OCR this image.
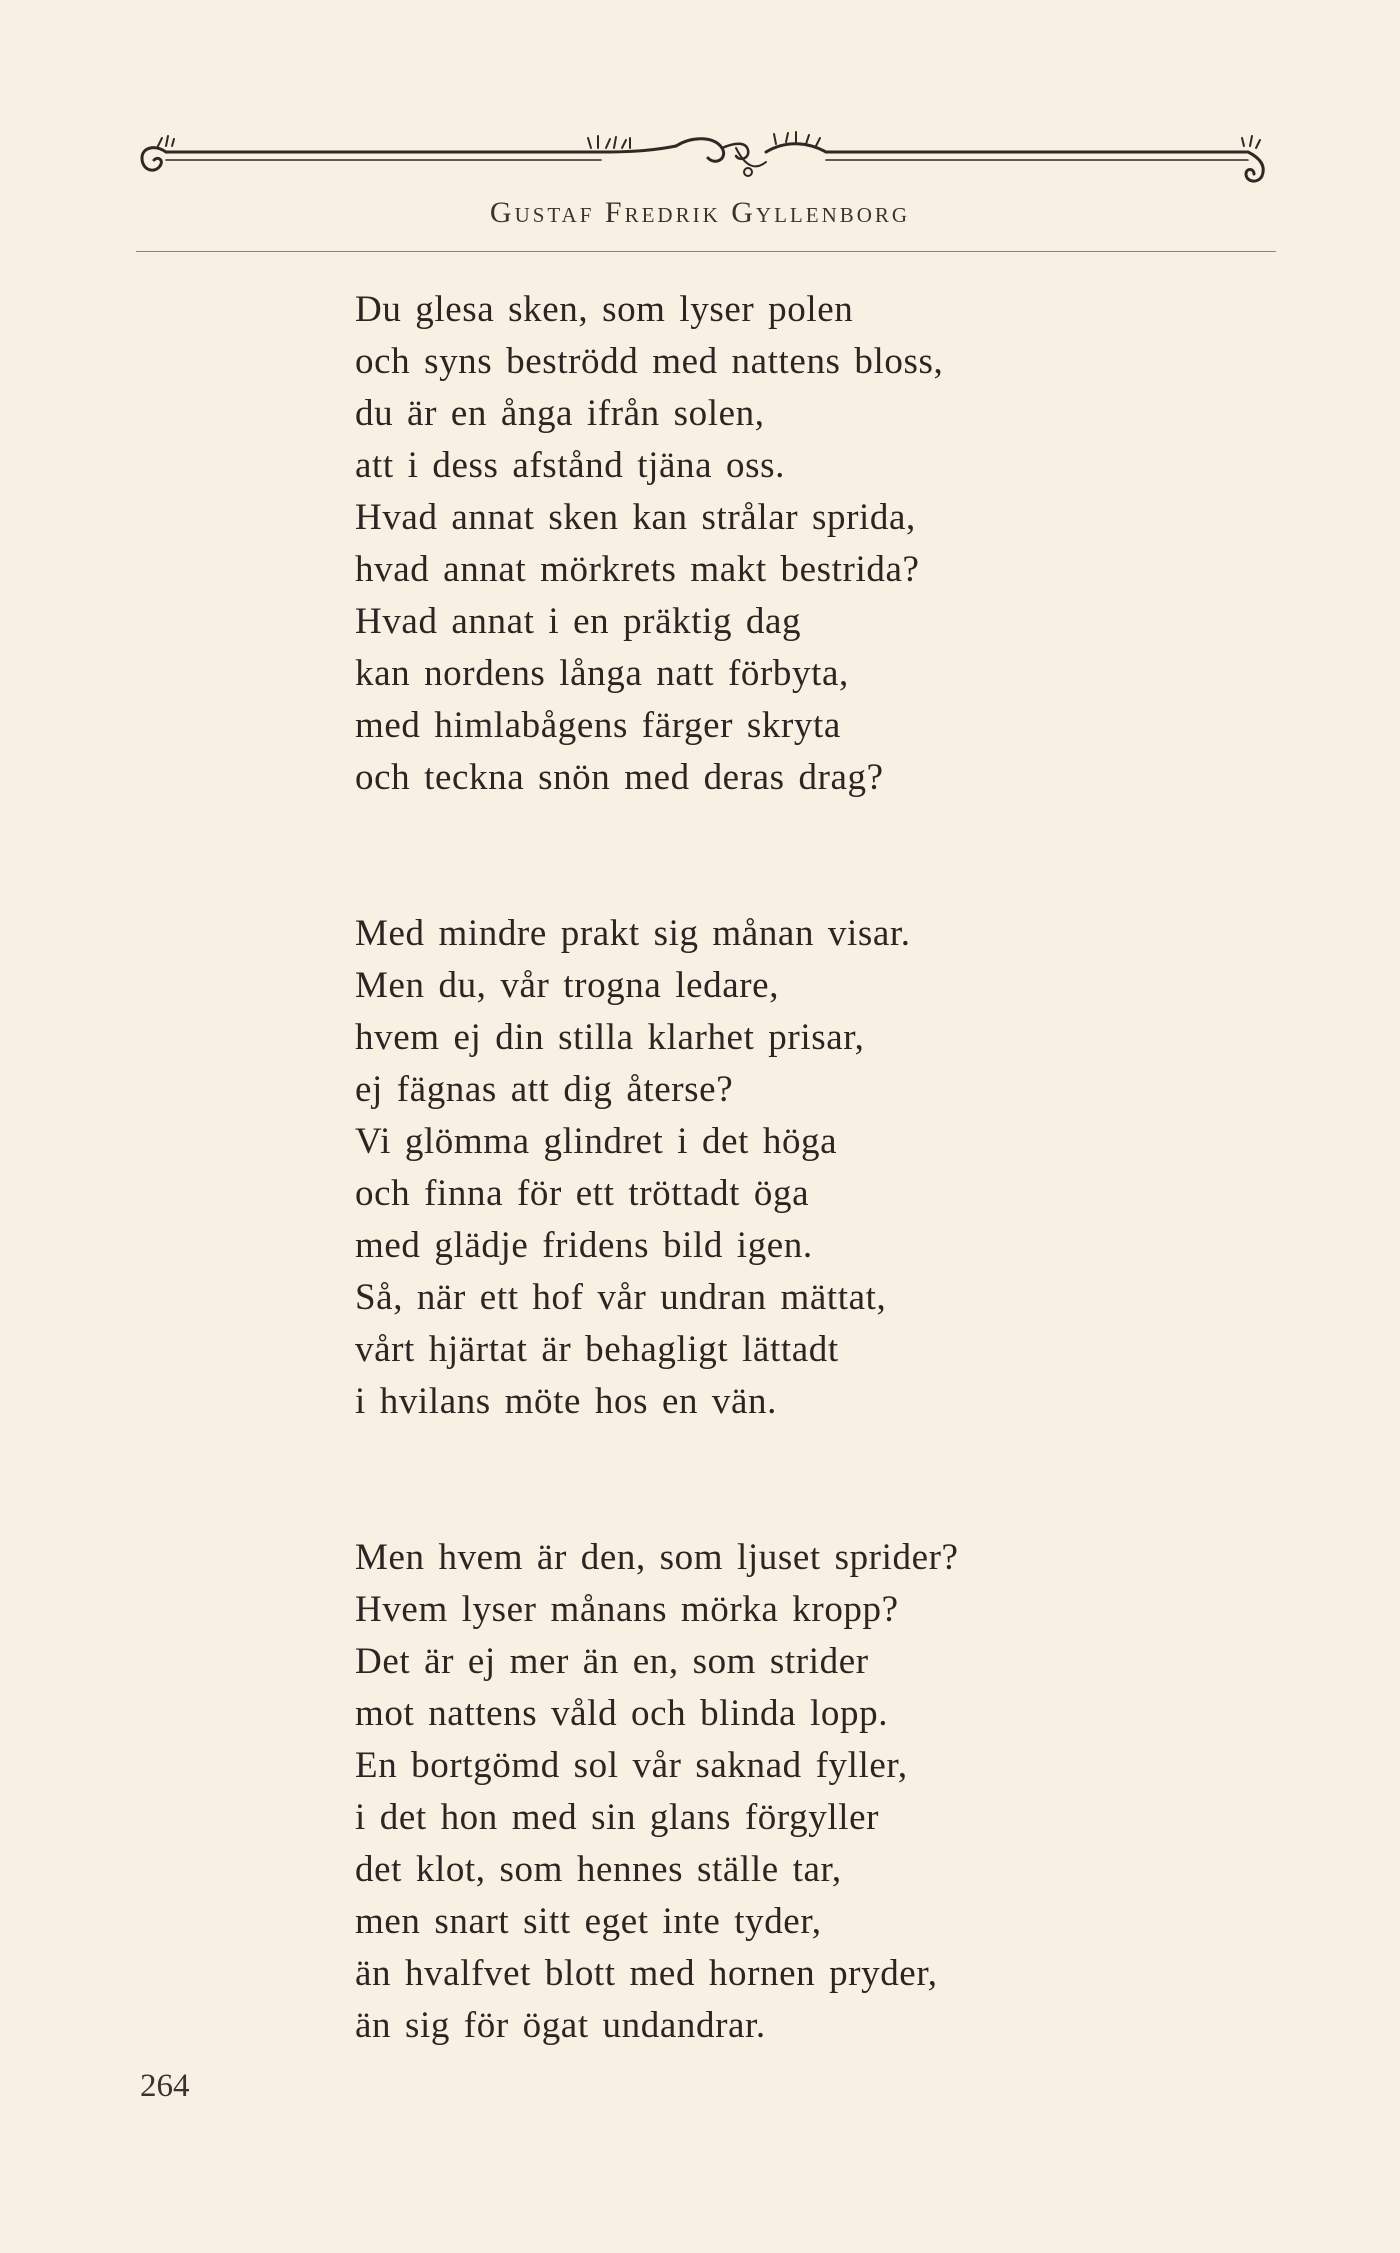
Gustaf Fredrik Gyllenborg

Du glesa sken, som lyser polen
och syns beströdd med nattens bloss,
du är en ånga ifrån solen,
att i dess afstånd tjäna oss.
Hvad annat sken kan strålar sprida,
hvad annat mörkrets makt bestrida?
Hvad annat i en präktig dag
kan nordens långa natt förbyta,
med himlabågens färger skryta
och teckna snön med deras drag?

Med mindre prakt sig månan visar.
Men du, vår trogna ledare,
hvem ej din stilla klarhet prisar,
ej fägnas att dig återse?
Vi glömma glindret i det höga
och finna för ett tröttadt öga
med glädje fridens bild igen.
Så, när ett hof vår undran mättat,
vårt hjärtat är behagligt lättadt
i hvilans möte hos en vän.

Men hvem är den, som ljuset sprider?
Hvem lyser månans mörka kropp?
Det är ej mer än en, som strider
mot nattens våld och blinda lopp.
En bortgömd sol vår saknad fyller,
i det hon med sin glans förgyller
det klot, som hennes ställe tar,
men snart sitt eget inte tyder,
än hvalfvet blott med hornen pryder,
än sig för ögat undandrar.

264
